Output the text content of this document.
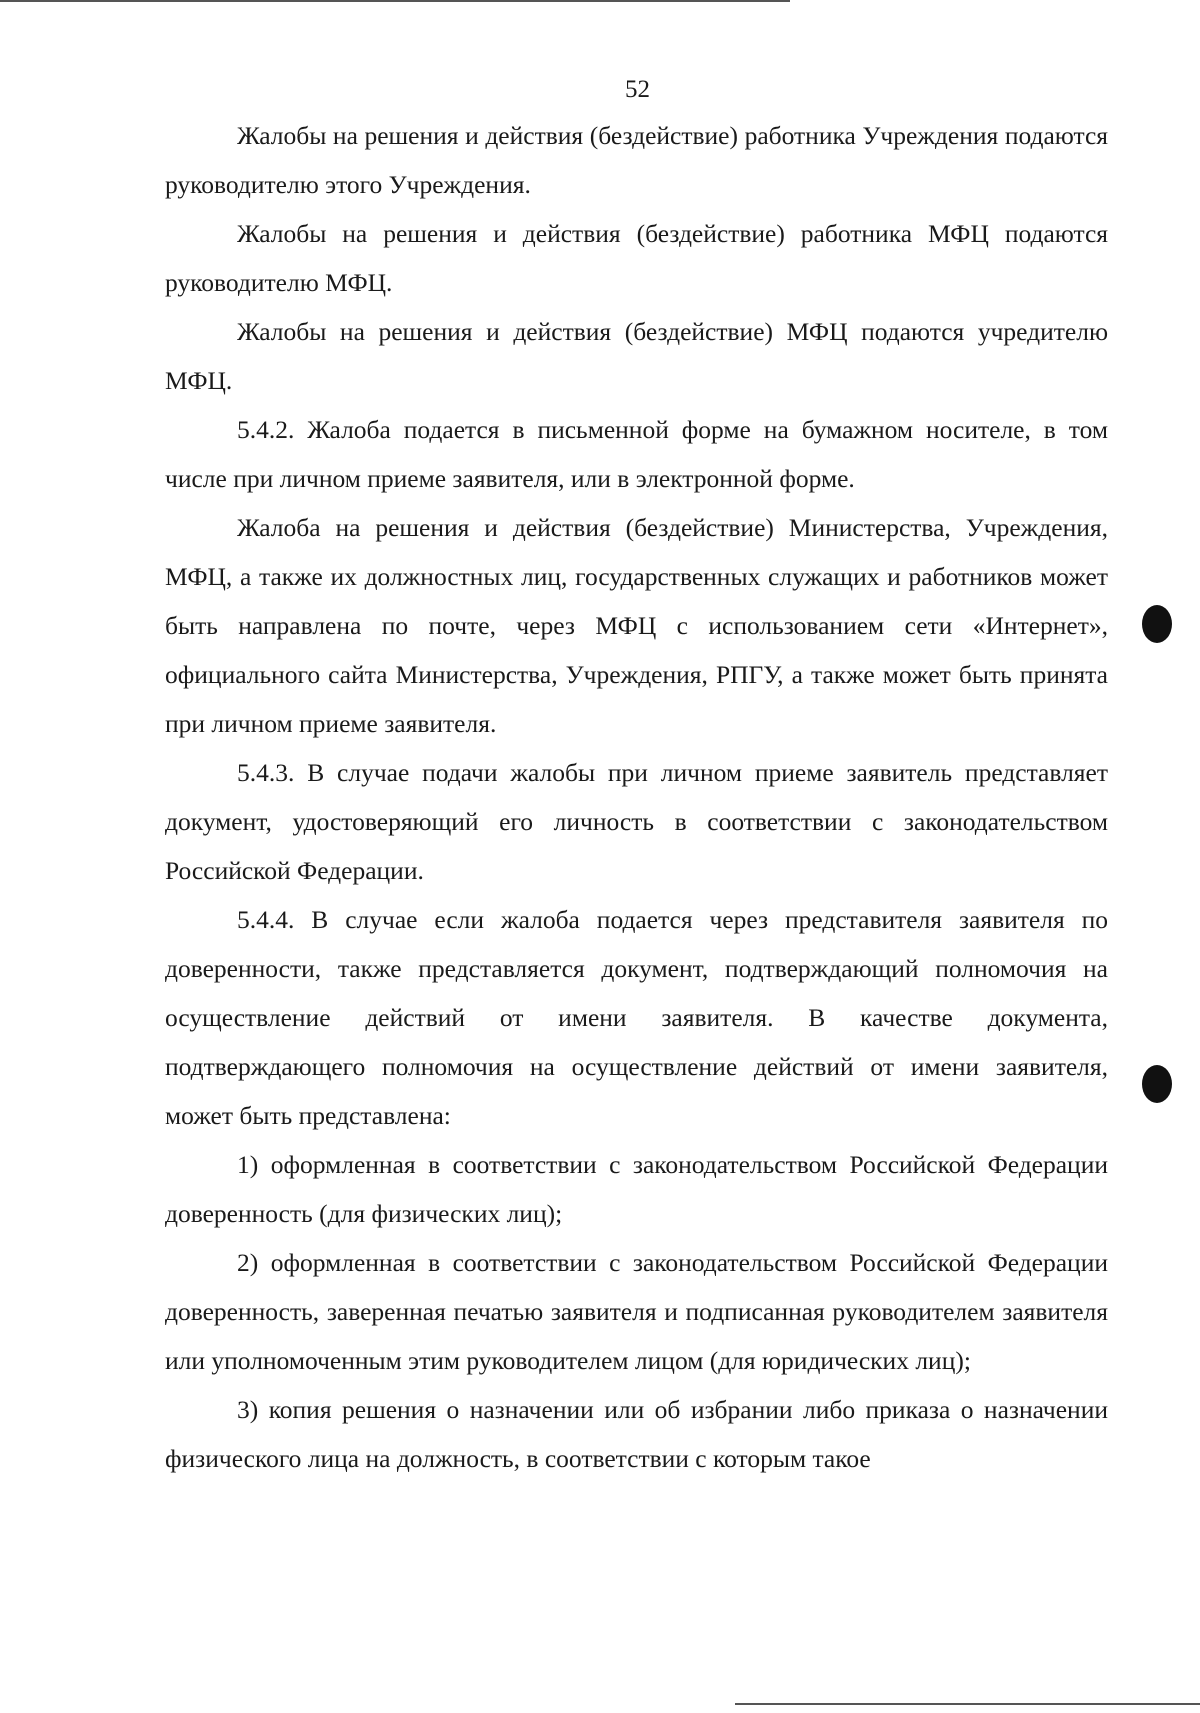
52

Жалобы на решения и действия (бездействие) работника Учреждения подаются руководителю этого Учреждения.

Жалобы на решения и действия (бездействие) работника МФЦ подаются руководителю МФЦ.

Жалобы на решения и действия (бездействие) МФЦ подаются учредителю МФЦ.

5.4.2. Жалоба подается в письменной форме на бумажном носителе, в том числе при личном приеме заявителя, или в электронной форме.

Жалоба на решения и действия (бездействие) Министерства, Учреждения, МФЦ, а также их должностных лиц, государственных служащих и работников может быть направлена по почте, через МФЦ с использованием сети «Интернет», официального сайта Министерства, Учреждения, РПГУ, а также может быть принята при личном приеме заявителя.

5.4.3. В случае подачи жалобы при личном приеме заявитель представляет документ, удостоверяющий его личность в соответствии с законодательством Российской Федерации.

5.4.4. В случае если жалоба подается через представителя заявителя по доверенности, также представляется документ, подтверждающий полномочия на осуществление действий от имени заявителя. В качестве документа, подтверждающего полномочия на осуществление действий от имени заявителя, может быть представлена:

1) оформленная в соответствии с законодательством Российской Федерации доверенность (для физических лиц);

2) оформленная в соответствии с законодательством Российской Федерации доверенность, заверенная печатью заявителя и подписанная руководителем заявителя или уполномоченным этим руководителем лицом (для юридических лиц);

3) копия решения о назначении или об избрании либо приказа о назначении физического лица на должность, в соответствии с которым такое
